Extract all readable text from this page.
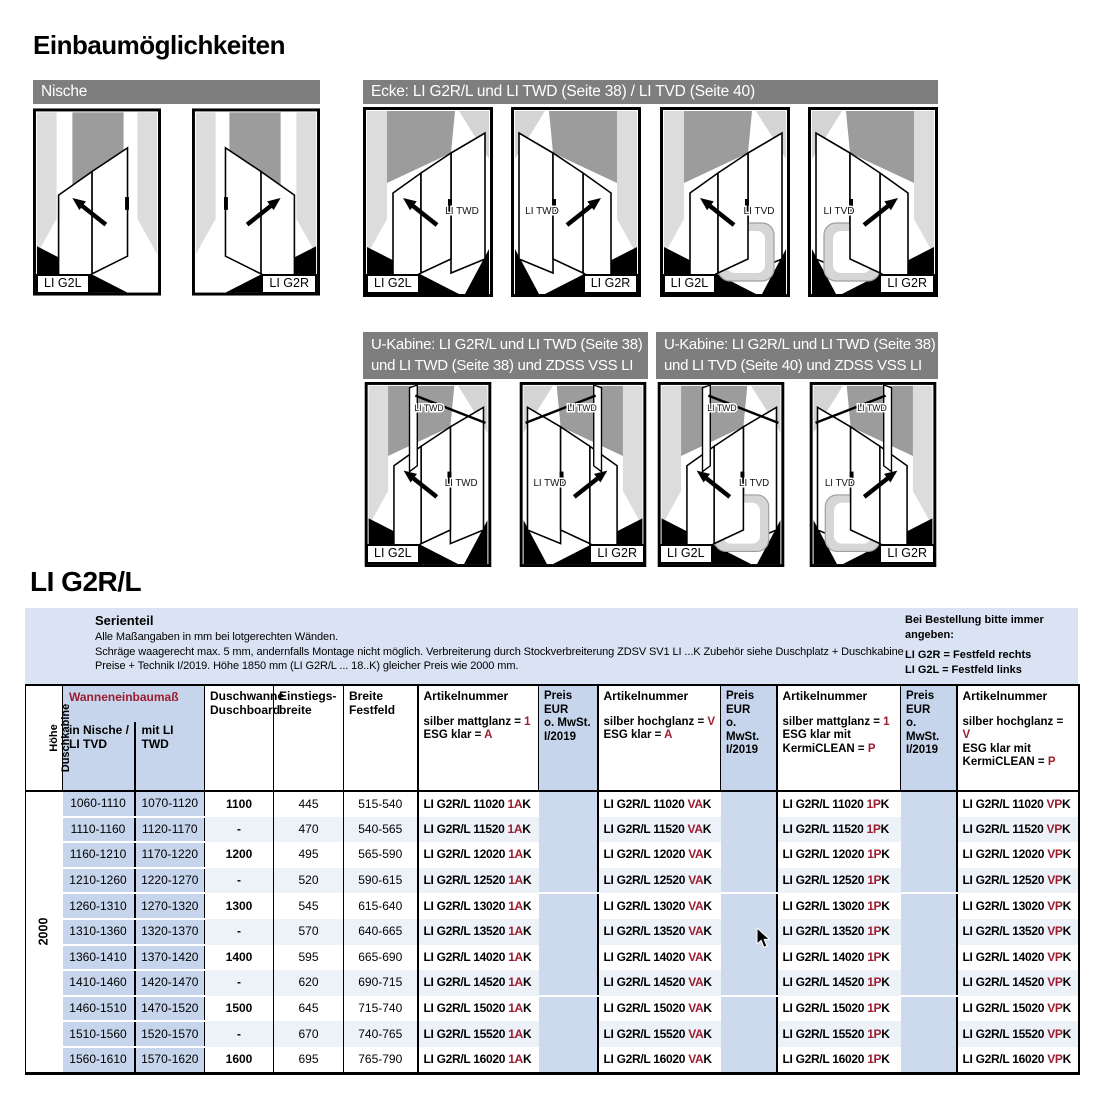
Einbaumöglichkeiten
Nische
LI G2L	LI G2R
Ecke: LI G2R/L und LI TWD (Seite 38) / LI TVD (Seite 40)
LI TWD
LI G2L
LI TWD
LI G2R
LI TVD
LI G2L
LI TVD
LI G2R
U-Kabine: LI G2R/L und LI TWD (Seite 38)
und LI TWD (Seite 38) und ZDSS VSS LI
LI TWD
LI TWD
LI G2L
LI TWD
LI TWD
LI G2R
U-Kabine: LI G2R/L und LI TWD (Seite 38)
und LI TVD (Seite 40) und ZDSS VSS LI
LI TVD
LI TWD
LI G2L
LI TVD
LI TWD
LI G2R
LI G2R/L
Serienteil
Alle Maßangaben in mm bei lotgerechten Wänden.
Schräge waagerecht max. 5 mm, andernfalls Montage nicht möglich. Verbreiterung durch Stockverbreiterung ZDSV SV1 LI ...K Zubehör siehe Duschplatz + Duschkabine
Preise + Technik I/2019. Höhe 1850 mm (LI G2R/L ... 18..K) gleicher Preis wie 2000 mm.
Bei Bestellung bitte immer angeben:
LI G2R = Festfeld rechts
LI G2L = Festfeld links
Höhe
Duschkabine	Wanneneinbaumaß	Duschwanne
Duschboard	Einstiegs-
breite	Breite
Festfeld	
Artikelnummer
silber mattglanz = 1
ESG klar = A

Preis EUR
o. MwSt.
I/2019

Artikelnummer
silber hochglanz = V
ESG klar = A

Preis EUR
o. MwSt.
I/2019

Artikelnummer
silber mattglanz = 1
ESG klar mit
KermiCLEAN = P

Preis EUR
o. MwSt.
I/2019

Artikelnummer
silber hochglanz = V
ESG klar mit
KermiCLEAN = P

	in Nische /
LI TVD	mit LI TWD										
2000	1060-1110	1070-1120	1100	445	515-540	LI G2R/L 11020 1AK		LI G2R/L 11020 VAK		LI G2R/L 11020 1PK		LI G2R/L 11020 VPK
	1110-1160	1120-1170	-	470	540-565	LI G2R/L 11520 1AK		LI G2R/L 11520 VAK		LI G2R/L 11520 1PK		LI G2R/L 11520 VPK
	1160-1210	1170-1220	1200	495	565-590	LI G2R/L 12020 1AK		LI G2R/L 12020 VAK		LI G2R/L 12020 1PK		LI G2R/L 12020 VPK
	1210-1260	1220-1270	-	520	590-615	LI G2R/L 12520 1AK		LI G2R/L 12520 VAK		LI G2R/L 12520 1PK		LI G2R/L 12520 VPK
	1260-1310	1270-1320	1300	545	615-640	LI G2R/L 13020 1AK		LI G2R/L 13020 VAK		LI G2R/L 13020 1PK		LI G2R/L 13020 VPK
	1310-1360	1320-1370	-	570	640-665	LI G2R/L 13520 1AK		LI G2R/L 13520 VAK		LI G2R/L 13520 1PK		LI G2R/L 13520 VPK
	1360-1410	1370-1420	1400	595	665-690	LI G2R/L 14020 1AK		LI G2R/L 14020 VAK		LI G2R/L 14020 1PK		LI G2R/L 14020 VPK
	1410-1460	1420-1470	-	620	690-715	LI G2R/L 14520 1AK		LI G2R/L 14520 VAK		LI G2R/L 14520 1PK		LI G2R/L 14520 VPK
	1460-1510	1470-1520	1500	645	715-740	LI G2R/L 15020 1AK		LI G2R/L 15020 VAK		LI G2R/L 15020 1PK		LI G2R/L 15020 VPK
	1510-1560	1520-1570	-	670	740-765	LI G2R/L 15520 1AK		LI G2R/L 15520 VAK		LI G2R/L 15520 1PK		LI G2R/L 15520 VPK
	1560-1610	1570-1620	1600	695	765-790	LI G2R/L 16020 1AK		LI G2R/L 16020 VAK		LI G2R/L 16020 1PK		LI G2R/L 16020 VPK
